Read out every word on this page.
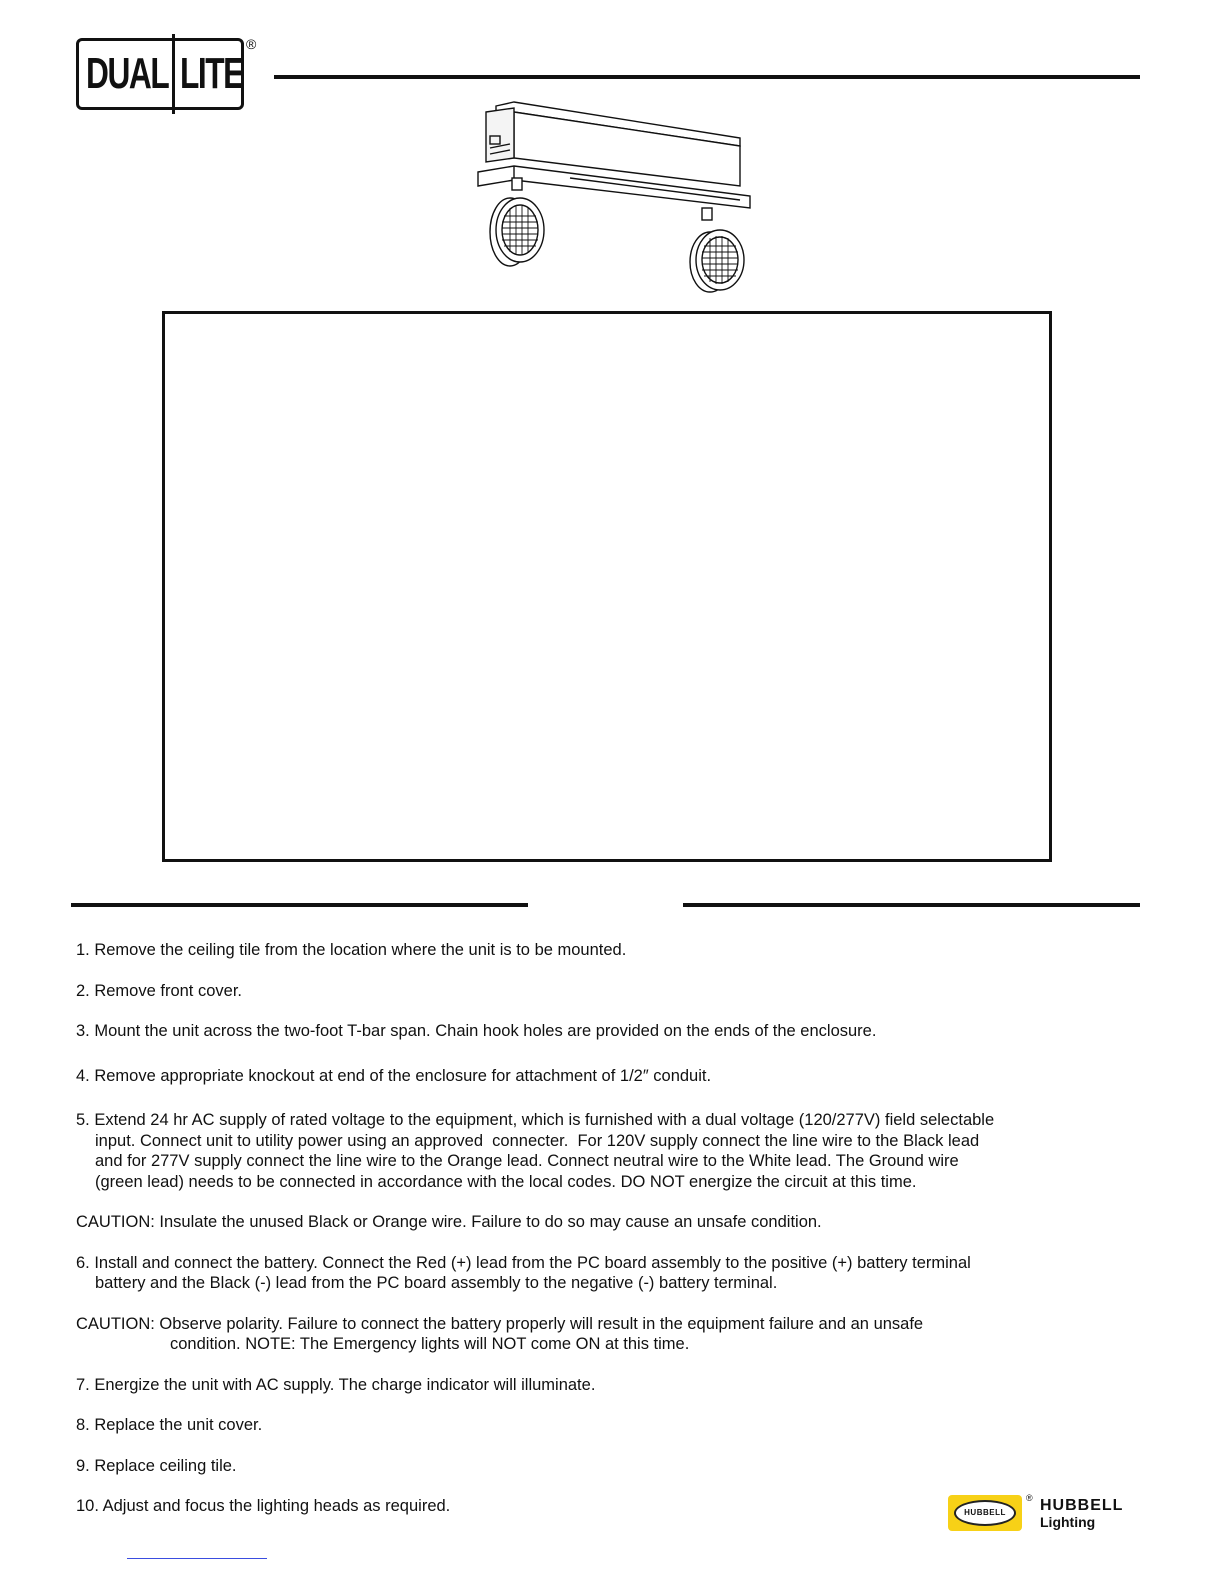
DUAL LITE
®

1. Remove the ceiling tile from the location where the unit is to be mounted.

2. Remove front cover.

3. Mount the unit across the two-foot T-bar span. Chain hook holes are provided on the ends of the enclosure.

4. Remove appropriate knockout at end of the enclosure for attachment of 1/2″ conduit.

5. Extend 24 hr AC supply of rated voltage to the equipment, which is furnished with a dual voltage (120/277V) field selectable

input. Connect unit to utility power using an approved  connecter.  For 120V supply connect the line wire to the Black lead

and for 277V supply connect the line wire to the Orange lead. Connect neutral wire to the White lead. The Ground wire

(green lead) needs to be connected in accordance with the local codes. DO NOT energize the circuit at this time.

CAUTION: Insulate the unused Black or Orange wire. Failure to do so may cause an unsafe condition.

6. Install and connect the battery. Connect the Red (+) lead from the PC board assembly to the positive (+) battery terminal

battery and the Black (-) lead from the PC board assembly to the negative (-) battery terminal.

CAUTION: Observe polarity. Failure to connect the battery properly will result in the equipment failure and an unsafe

condition. NOTE: The Emergency lights will NOT come ON at this time.

7. Energize the unit with AC supply. The charge indicator will illuminate.

8. Replace the unit cover.

9. Replace ceiling tile.

10. Adjust and focus the lighting heads as required.	HUBBELL
® HUBBELL
Lighting
